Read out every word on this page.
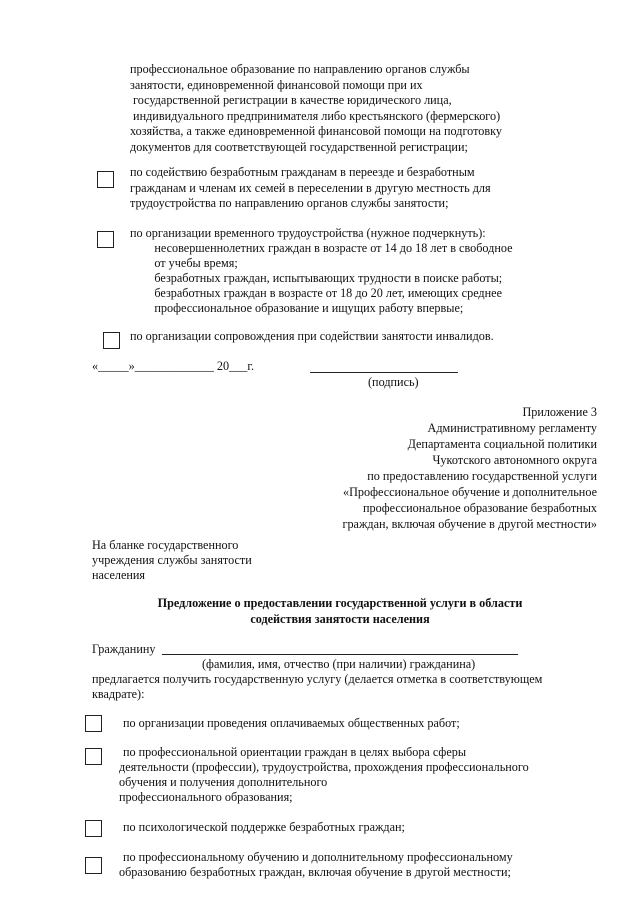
профессиональное образование по направлению органов службы
занятости, единовременной финансовой помощи при их
государственной регистрации в качестве юридического лица,
индивидуального предпринимателя либо крестьянского (фермерского)
хозяйства, а также единовременной финансовой помощи на подготовку
документов для соответствующей государственной регистрации;
по содействию безработным гражданам в переезде и безработным
гражданам и членам их семей в переселении в другую местность для
трудоустройства по направлению органов службы занятости;
по организации временного трудоустройства (нужное подчеркнуть):
несовершеннолетних граждан в возрасте от 14 до 18 лет в свободное
от учебы время;
безработных граждан, испытывающих трудности в поиске работы;
безработных граждан в возрасте от 18 до 20 лет, имеющих среднее
профессиональное образование и ищущих работу впервые;
по организации сопровождения при содействии занятости инвалидов.
«_____»_____________ 20___г.
(подпись)
Приложение 3
Административному регламенту
Департамента социальной политики
Чукотского автономного округа
по предоставлению государственной услуги
«Профессиональное обучение и дополнительное
профессиональное образование безработных
граждан, включая обучение в другой местности»
На бланке государственного
учреждения службы занятости
населения
Предложение о предоставлении государственной услуги в области
содействия занятости населения
Гражданину
(фамилия, имя, отчество (при наличии) гражданина)
предлагается получить государственную услугу (делается отметка в соответствующем
квадрате):
по организации проведения оплачиваемых общественных работ;
по профессиональной ориентации граждан в целях выбора сферы
деятельности (профессии), трудоустройства, прохождения профессионального
обучения и получения дополнительного
профессионального образования;
по психологической поддержке безработных граждан;
по профессиональному обучению и дополнительному профессиональному
образованию безработных граждан, включая обучение в другой местности;
